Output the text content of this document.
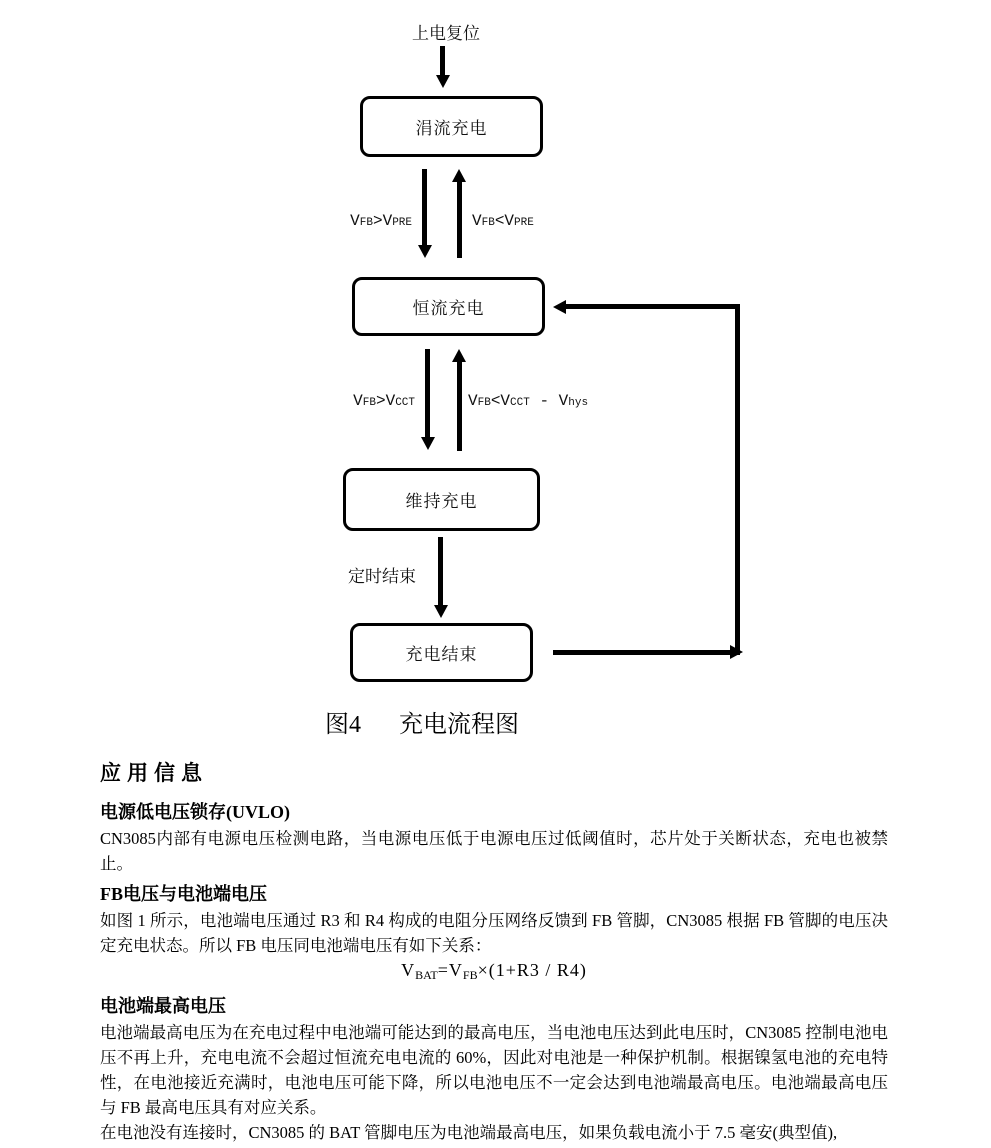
上电复位
涓流充电
VFB>VPRE	VFB<VPRE
恒流充电
VFB>VCCT	VFB<VCCT - Vhys
维持充电
定时结束
充电结束
图4 充电流程图
应用信息
电源低电压锁存(UVLO)

CN3085内部有电源电压检测电路，当电源电压低于电源电压过低阈值时，芯片处于关断状态，充电也被禁止。

FB电压与电池端电压

如图 1 所示，电池端电压通过 R3 和 R4 构成的电阻分压网络反馈到 FB 管脚，CN3085 根据 FB 管脚的电压决定充电状态。所以 FB 电压同电池端电压有如下关系：

VBAT=VFB×(1+R3 / R4)
电池端最高电压

电池端最高电压为在充电过程中电池端可能达到的最高电压，当电池电压达到此电压时，CN3085 控制电池电压不再上升，充电电流不会超过恒流充电电流的 60%，因此对电池是一种保护机制。根据镍氢电池的充电特性，在电池接近充满时，电池电压可能下降，所以电池电压不一定会达到电池端最高电压。电池端最高电压与 FB 最高电压具有对应关系。

在电池没有连接时，CN3085 的 BAT 管脚电压为电池端最高电压，如果负载电流小于 7.5 毫安(典型值),
